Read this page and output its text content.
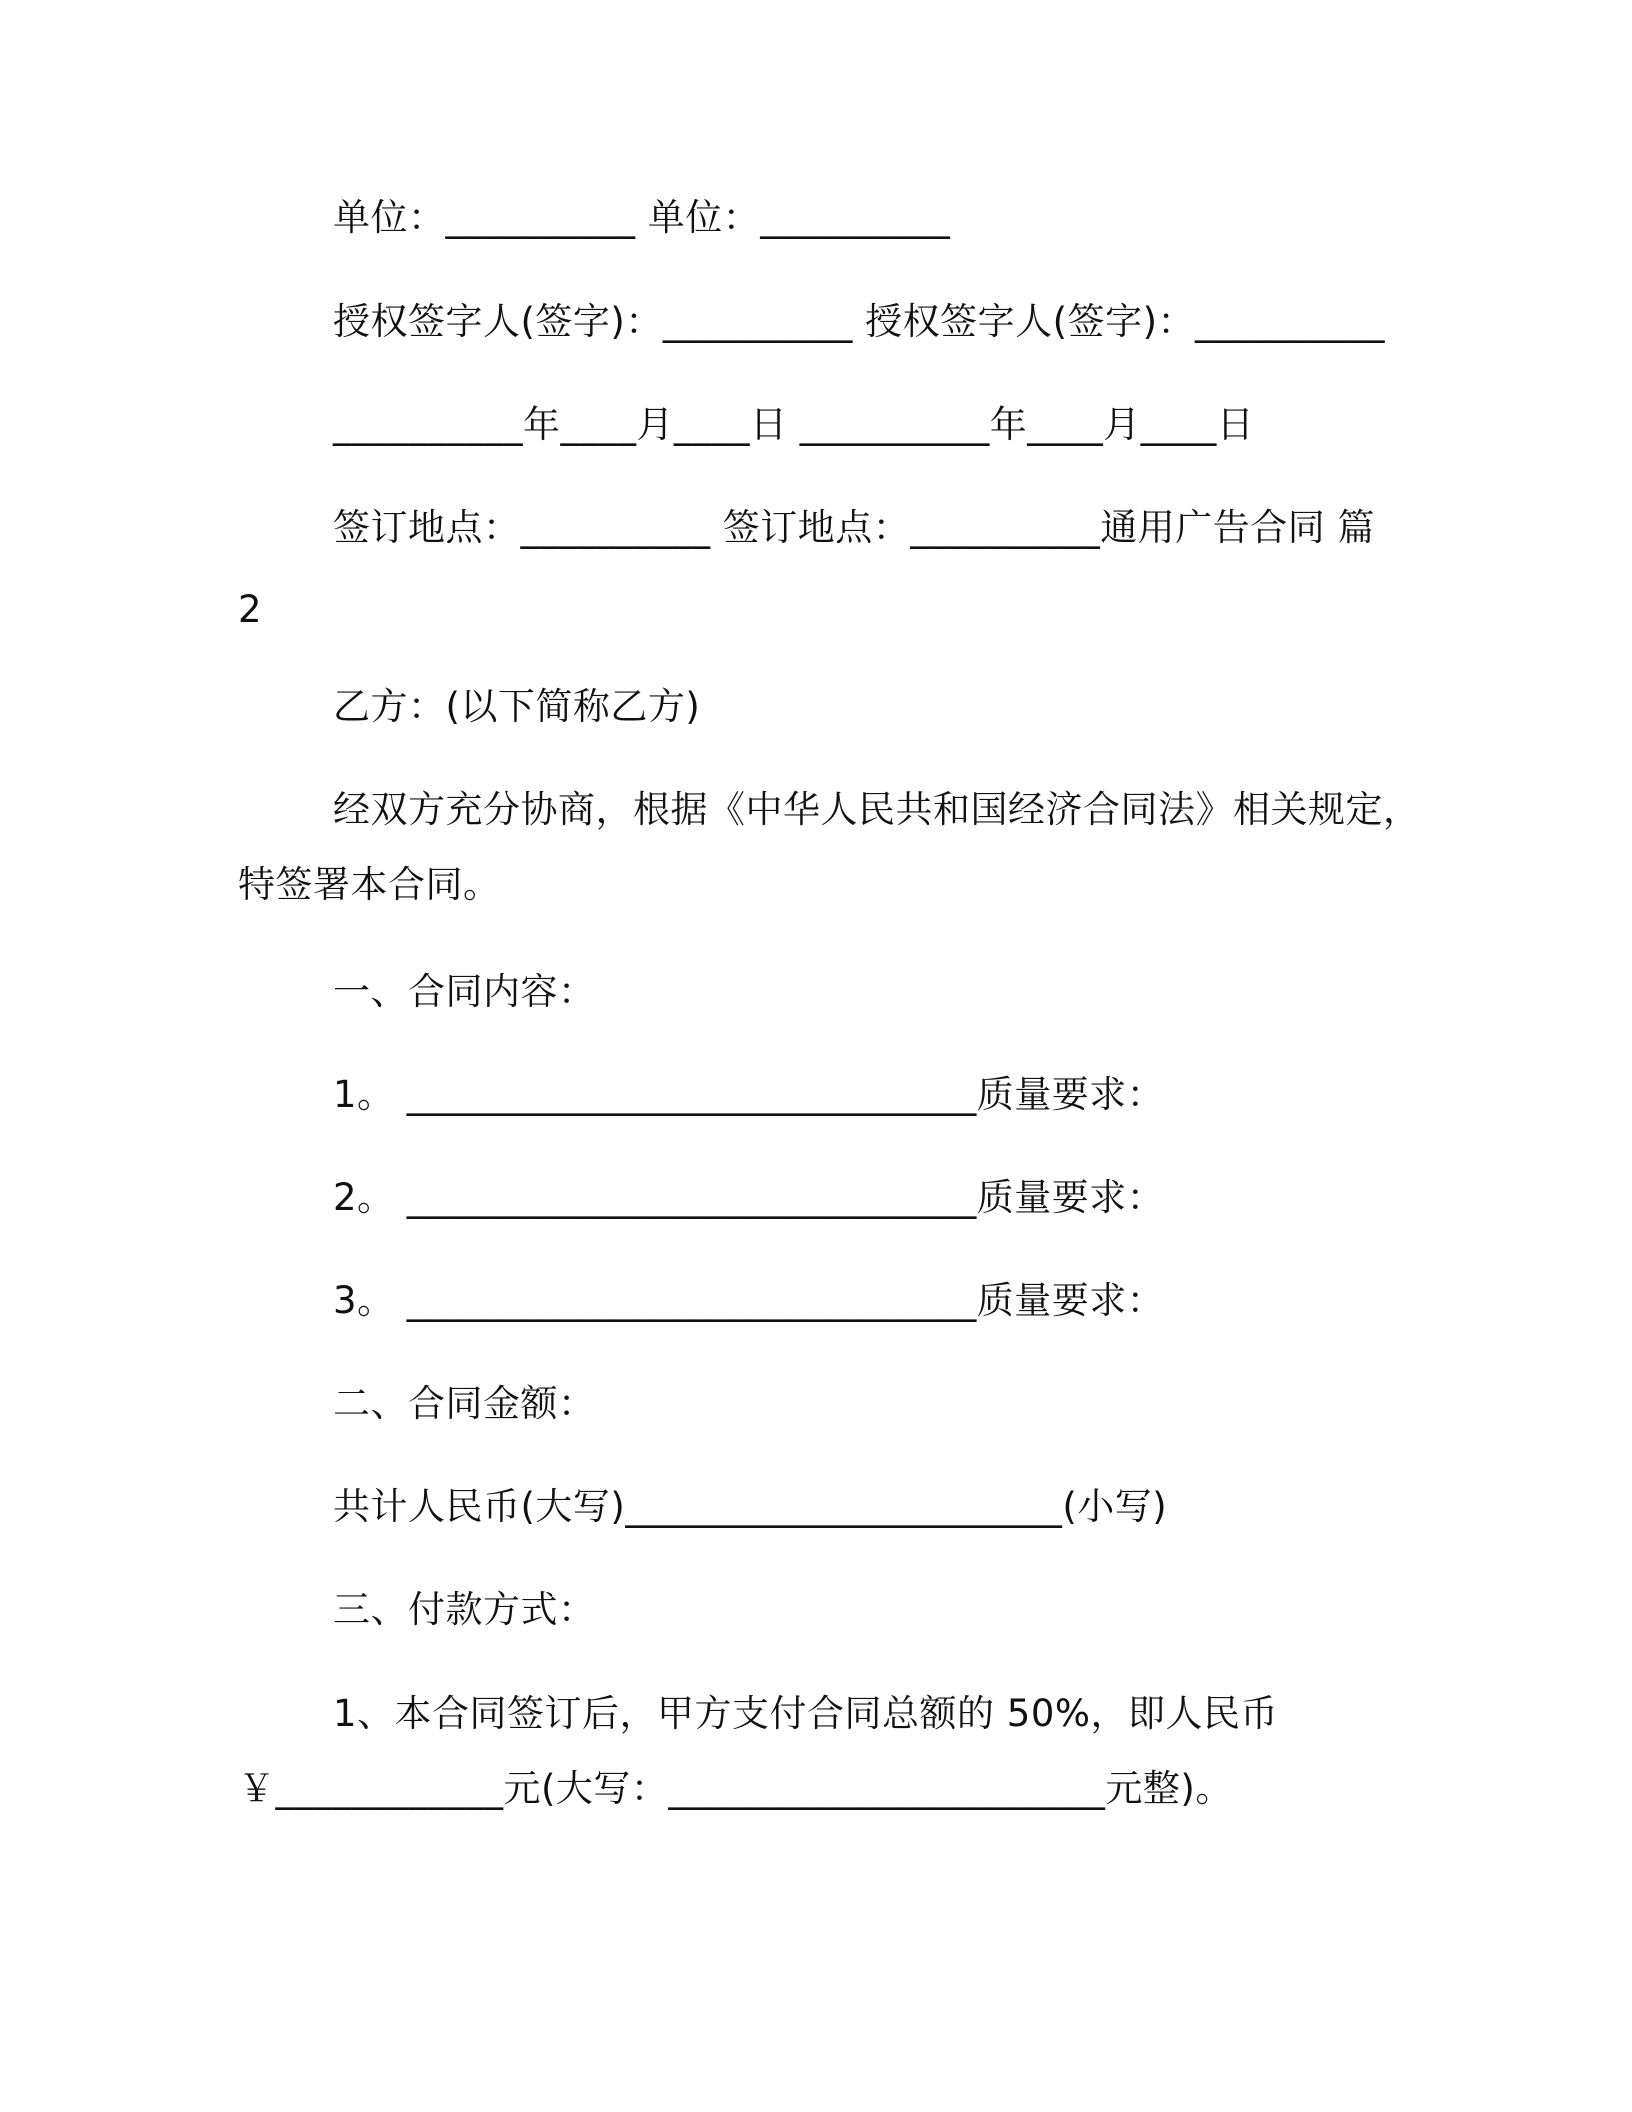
单位：__________ 单位：__________
授权签字人(签字)：__________ 授权签字人(签字)：__________
__________年____月____日 __________年____月____日
签订地点：__________ 签订地点：__________通用广告合同 篇
2
乙方：(以下简称乙方)
经双方充分协商，根据《中华人民共和国经济合同法》相关规定，
特签署本合同。
一、合同内容：
1。 ______________________________质量要求：
2。 ______________________________质量要求：
3。 ______________________________质量要求：
二、合同金额：
共计人民币(大写)_______________________(小写)
三、付款方式：
1、本合同签订后，甲方支付合同总额的 50%，即人民币
￥____________元(大写：_______________________元整)。
